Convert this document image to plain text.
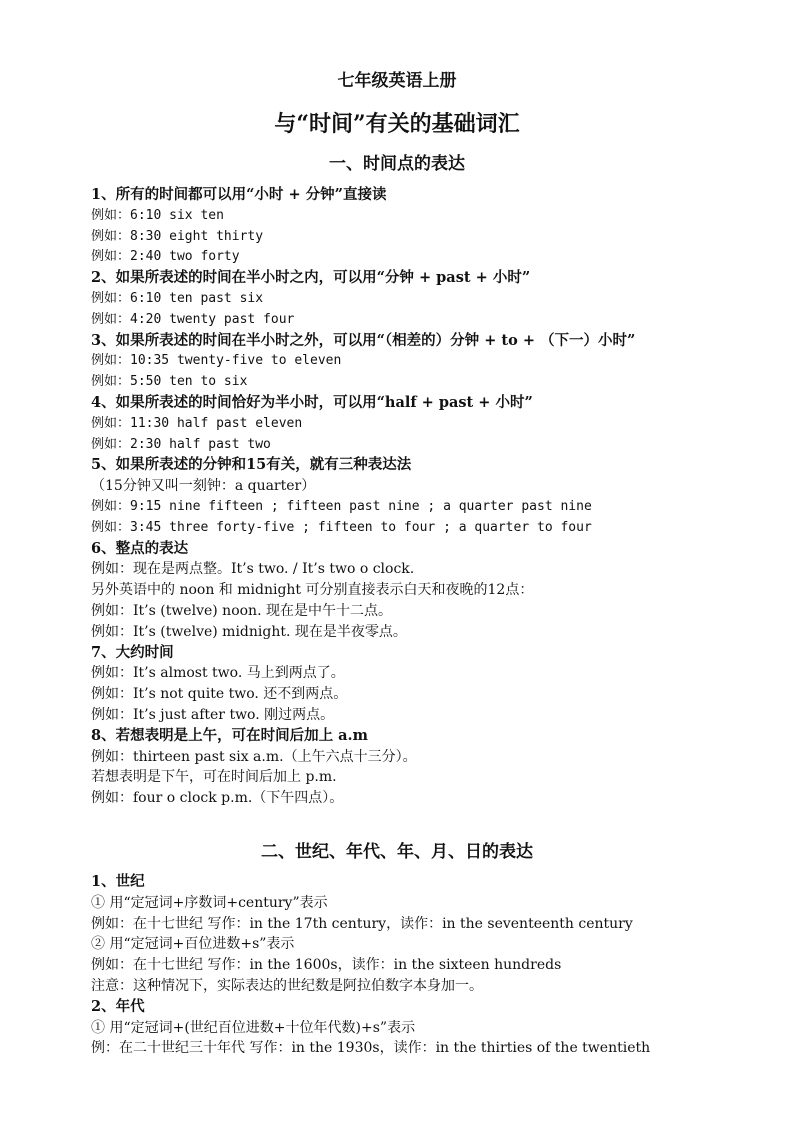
七年级英语上册
与“时间”有关的基础词汇
一、时间点的表达
1、所有的时间都可以用“小时 + 分钟”直接读
例如：6:10 six ten
例如：8:30 eight thirty
例如：2:40 two forty
2、如果所表述的时间在半小时之内，可以用“分钟 + past + 小时”
例如：6:10 ten past six
例如：4:20 twenty past four
3、如果所表述的时间在半小时之外，可以用“（相差的）分钟 + to + （下一）小时”
例如：10:35 twenty-five to eleven
例如：5:50 ten to six
4、如果所表述的时间恰好为半小时，可以用“half + past + 小时”
例如：11:30 half past eleven
例如：2:30 half past two
5、如果所表述的分钟和15有关，就有三种表达法
（15分钟又叫一刻钟：a quarter）
例如：9:15 nine fifteen ; fifteen past nine ; a quarter past nine
例如：3:45 three forty-five ; fifteen to four ; a quarter to four
6、整点的表达
例如：现在是两点整。It’s two. / It’s two o clock.
另外英语中的 noon 和 midnight 可分别直接表示白天和夜晚的12点：
例如：It’s (twelve) noon. 现在是中午十二点。
例如：It’s (twelve) midnight. 现在是半夜零点。
7、大约时间
例如：It’s almost two. 马上到两点了。
例如：It’s not quite two. 还不到两点。
例如：It’s just after two. 刚过两点。
8、若想表明是上午，可在时间后加上 a.m
例如：thirteen past six a.m.（上午六点十三分）。
若想表明是下午，可在时间后加上 p.m.
例如：four o clock p.m.（下午四点）。
二、世纪、年代、年、月、日的表达
1、世纪
① 用“定冠词+序数词+century”表示
例如：在十七世纪 写作：in the 17th century，读作：in the seventeenth century
② 用“定冠词+百位进数+s”表示
例如：在十七世纪 写作：in the 1600s，读作：in the sixteen hundreds
注意：这种情况下，实际表达的世纪数是阿拉伯数字本身加一。
2、年代
① 用“定冠词+(世纪百位进数+十位年代数)+s”表示
例：在二十世纪三十年代 写作：in the 1930s，读作：in the thirties of the twentieth
